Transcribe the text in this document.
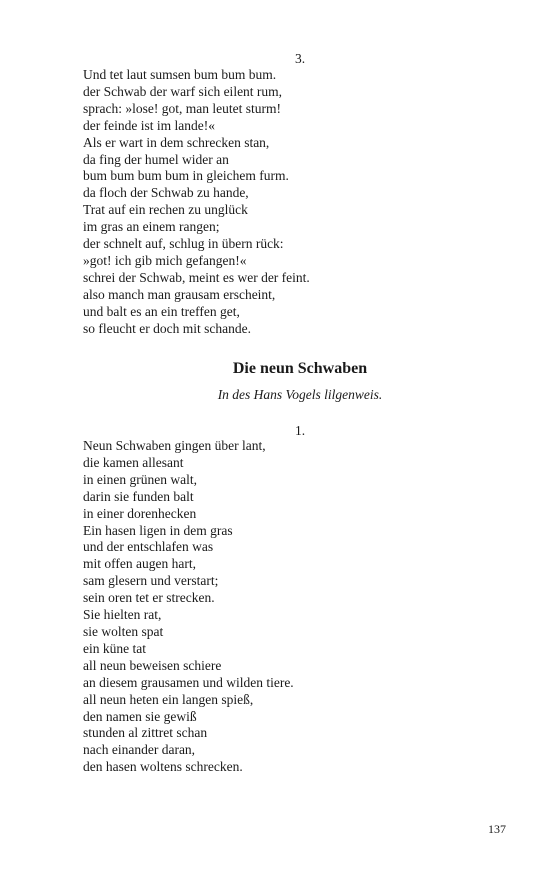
3.

Und tet laut sumsen bum bum bum.

der Schwab der warf sich eilent rum,

sprach: »lose! got, man leutet sturm!

der feinde ist im lande!«

Als er wart in dem schrecken stan,

da fing der humel wider an

bum bum bum bum in gleichem furm.

da floch der Schwab zu hande,

Trat auf ein rechen zu unglück

im gras an einem rangen;

der schnelt auf, schlug in übern rück:

»got! ich gib mich gefangen!«

schrei der Schwab, meint es wer der feint.

also manch man grausam erscheint,

und balt es an ein treffen get,

so fleucht er doch mit schande.

Die neun Schwaben

In des Hans Vogels lilgenweis.

1.

Neun Schwaben gingen über lant,

die kamen allesant

in einen grünen walt,

darin sie funden balt

in einer dorenhecken

Ein hasen ligen in dem gras

und der entschlafen was

mit offen augen hart,

sam glesern und verstart;

sein oren tet er strecken.

Sie hielten rat,

sie wolten spat

ein küne tat

all neun beweisen schiere

an diesem grausamen und wilden tiere.

all neun heten ein langen spieß,

den namen sie gewiß

stunden al zittret schan

nach einander daran,

den hasen woltens schrecken.

137
